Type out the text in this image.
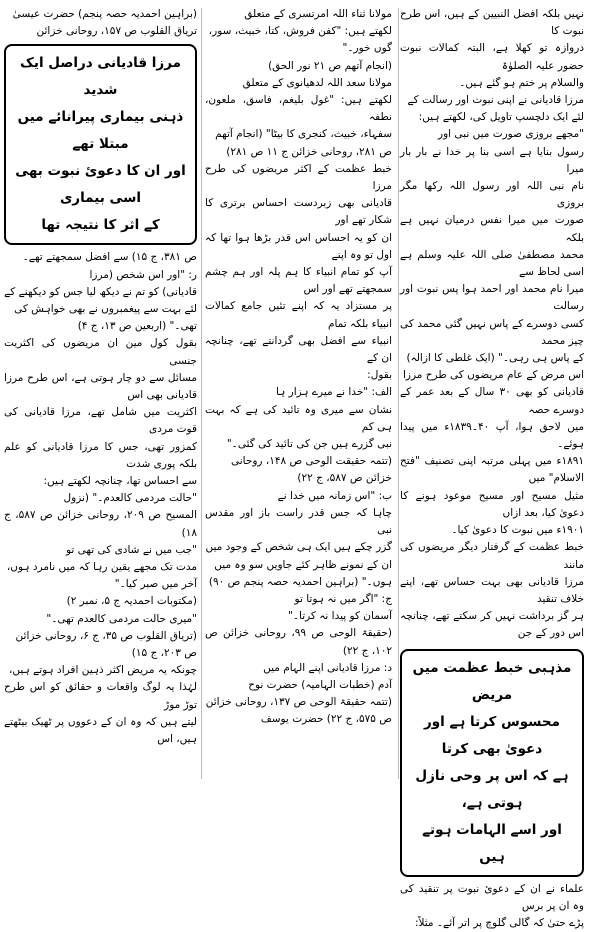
نہیں بلکہ افضل النبیین کے ہیں، اس طرح نبوت کا

دروازہ تو کھلا ہے، البتہ کمالات نبوت حضور علیہ الصلوٰۃ

والسلام پر ختم ہو گئے ہیں۔

مرزا قادیانی نے اپنی نبوت اور رسالت کے

لئے ایک دلچسپ تاویل کی، لکھتے ہیں:

"مجھے بروزی صورت میں نبی اور

رسول بنایا ہے اسی بنا پر خدا نے بار بار میرا

نام نبی اللہ اور رسول اللہ رکھا مگر بروزی

صورت میں میرا نفس درمیان نہیں ہے بلکہ

محمد مصطفیٰ صلی اللہ علیہ وسلم ہے اسی لحاظ سے

میرا نام محمد اور احمد ہوا پس نبوت اور رسالت

کسی دوسرے کے پاس نہیں گئی محمد کی چیز محمد

کے پاس ہی رہی۔" (ایک غلطی کا ازالہ)

اس مرض کے عام مریضوں کی طرح مرزا

قادیانی کو بھی ۳۰ سال کے بعد عمر کے دوسرے حصہ

میں لاحق ہوا، آپ ۴۰۔۱۸۳۹ء میں پیدا ہوئے۔

۱۸۹۱ء میں پہلی مرتبہ اپنی تصنیف "فتح الاسلام" میں

مثیل مسیح اور مسیح موعود ہونے کا دعویٰ کیا، بعد ازاں

۱۹۰۱ء میں نبوت کا دعویٰ کیا۔

خبط عظمت کے گرفتار دیگر مریضوں کی مانند

مرزا قادیانی بھی بہت حساس تھے، اپنے خلاف تنقید

ہر گز برداشت نہیں کر سکتے تھے، چنانچہ اس دور کے جن

مذہبی خبط عظمت میں مریض

محسوس کرتا ہے اور دعویٰ بھی کرتا

ہے کہ اس پر وحی نازل ہوتی ہے،

اور اسے الہامات ہوتے ہیں

علماء نے ان کے دعوئ نبوت پر تنقید کی وہ ان پر برس

پڑے حتیٰ کہ گالی گلوچ پر اتر آئے۔ مثلاً:

مولانا ثناء اللہ امرتسری کے متعلق

لکھتے ہیں: "کفن فروش، کتا، خبیث، سور،

گوں خور۔"

(انجام آتھم ص ۲۱ نور الحق)

مولانا سعد اللہ لدھیانوی کے متعلق

لکھتے ہیں: "غول بلیغم، فاسق، ملعون، نطفہ

سفہاء، خبیث، کنجری کا بیٹا" (انجام آتھم

ص ۲۸۱، روحانی خزائن ج ۱۱ ص ۲۸۱)

خبط عظمت کے اکثر مریضوں کی طرح مرزا

قادیانی بھی زبردست احساس برتری کا شکار تھے اور

ان کو یہ احساس اس قدر بڑھا ہوا تھا کہ اول تو وہ اپنے

آپ کو تمام انبیاء کا ہم پلہ اور ہم چشم سمجھتے تھے اور اس

پر مستزاد یہ کہ اپنے تئیں جامع کمالات انبیاء بلکہ تمام

انبیاء سے افضل بھی گردانتے تھے، چنانچہ ان کے

بقول:

الف: "خدا نے میرے ہزار ہا

نشان سے میری وہ تائید کی ہے کہ بہت ہی کم

نبی گزرے ہیں جن کی تائید کی گئی۔"

(تتمہ حقیقت الوحی ص ۱۴۸، روحانی

خزائن ص ۵۸۷، ج ۲۲)

ب: "اس زمانہ میں خدا نے

چاہا کہ جس قدر راست باز اور مقدس نبی

گزر چکے ہیں ایک ہی شخص کے وجود میں

ان کے نمونے ظاہر کئے جاویں سو وہ میں

ہوں۔" (براہین احمدیہ حصہ پنجم ص ۹۰)

ج: "اگر میں نہ ہوتا تو

آسمان کو پیدا نہ کرتا۔"

(حقیقۃ الوحی ص ۹۹، روحانی خزائن ص ۱۰۲، ج ۲۲)

د: مرزا قادیانی اپنے الہام میں

آدم (خطبات الہامیہ) حضرت نوح

(تتمہ حقیقۃ الوحی ص ۱۳۷، روحانی خزائن

ص ۵۷۵، ج ۲۲) حضرت یوسف

(براہین احمدیہ حصہ پنجم) حضرت عیسیٰ

تریاق القلوب ص ۱۵۷، روحانی خزائن

مرزا قادیانی دراصل ایک شدید

ذہنی بیماری پیرانائے میں مبتلا تھے

اور ان کا دعوئ نبوت بھی اسی بیماری

کے اثر کا نتیجہ تھا

ص ۳۸۱، ج ۱۵) سے افضل سمجھتے تھے۔

ر: "اور اس شخص (مرزا

قادیانی) کو تم نے دیکھ لیا جس کو دیکھنے کے

لئے بہت سے پیغمبروں نے بھی خواہش کی

تھی۔" (اربعین ص ۱۳، ج ۴)

بقول کول مین ان مریضوں کی اکثریت جنسی

مسائل سے دو چار ہوتی ہے، اس طرح مرزا قادیانی بھی اس

اکثریت میں شامل تھے، مرزا قادیانی کی قوت مردی

کمزور تھی، جس کا مرزا قادیانی کو علم بلکہ پوری شدت

سے احساس تھا، چنانچہ لکھتے ہیں:

"حالت مردمی کالعدم۔" (نزول

المسیح ص ۲۰۹، روحانی خزائن ص ۵۸۷، ج ۱۸)

"جب میں نے شادی کی تھی تو

مدت تک مجھے یقین رہا کہ میں نامرد ہوں،

آخر میں صبر کیا۔"

(مکتوبات احمدیہ ج ۵، نمبر ۲)

"میری حالت مردمی کالعدم تھی۔"

(تریاق القلوب ص ۳۵، ج ۶، روحانی خزائن

ص ۲۰۳، ج ۱۵)

چونکہ یہ مریض اکثر ذہین افراد ہوتے ہیں،

لہٰذا یہ لوگ واقعات و حقائق کو اس طرح توڑ موڑ

لیتے ہیں کہ وہ ان کے دعووں پر ٹھیک بیٹھتے ہیں، اس
